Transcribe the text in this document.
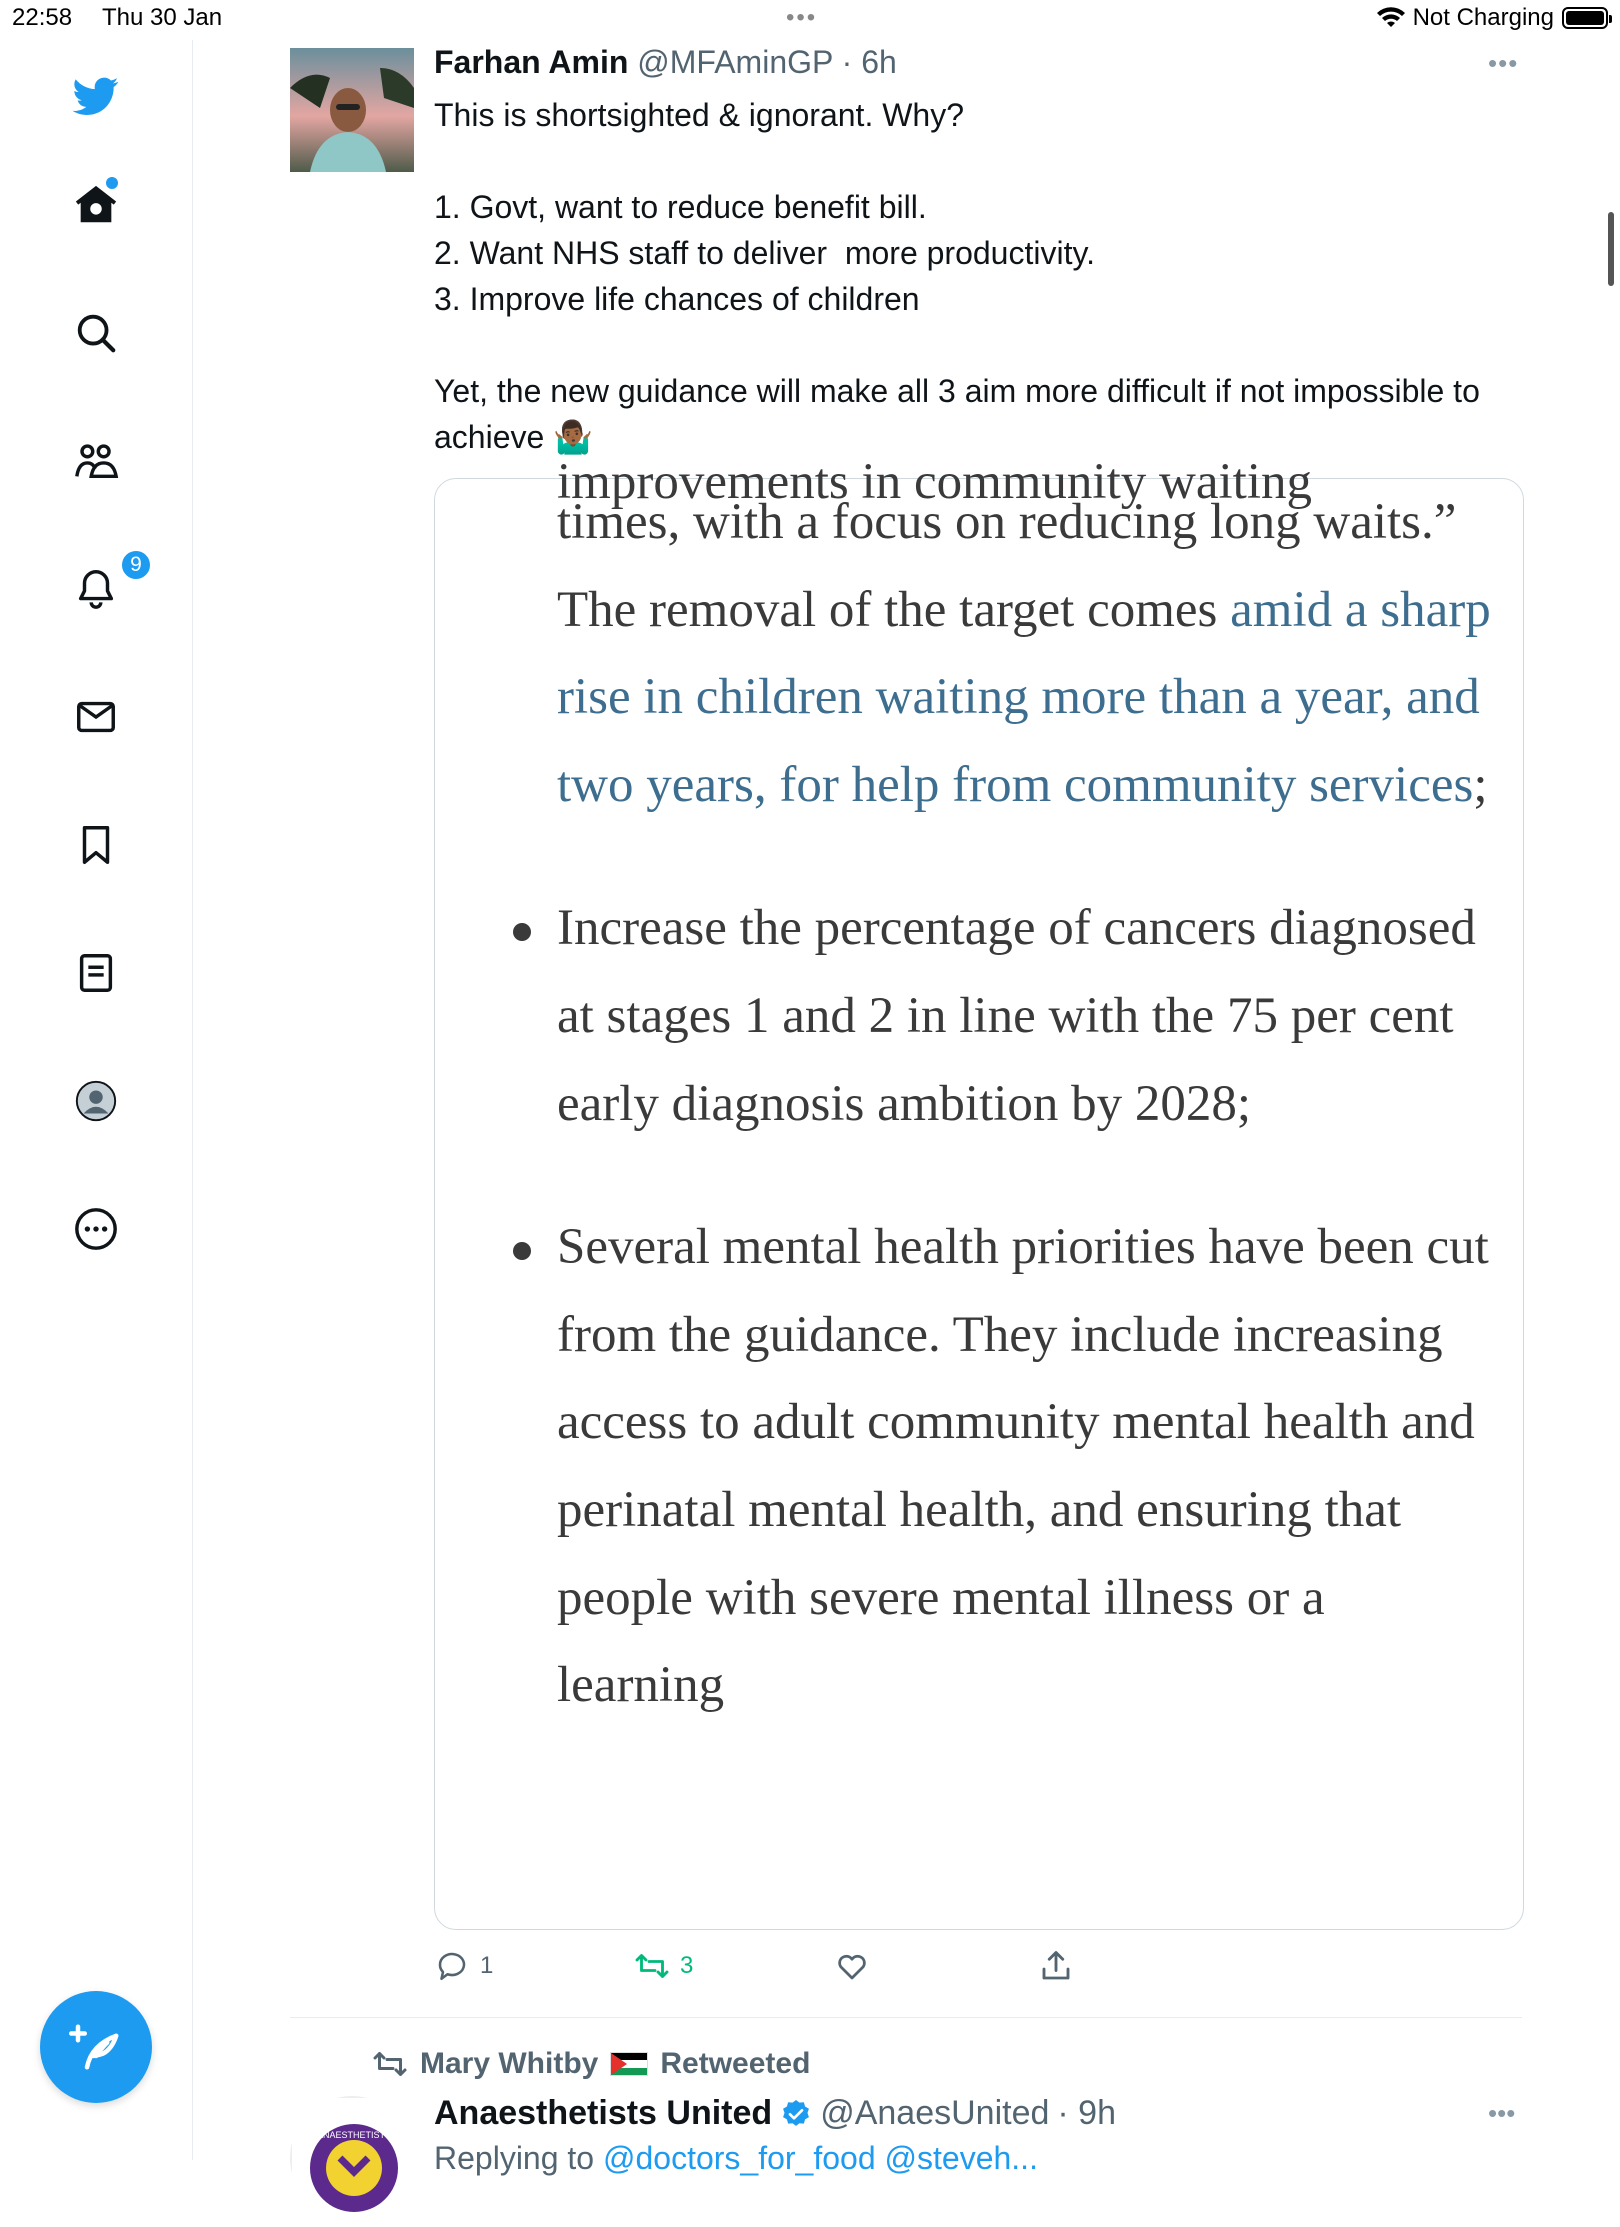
22:58 Thu 30 Jan	•••	Not Charging
9
Farhan Amin @MFAminGP · 6h	•••
This is shortsighted & ignorant. Why?

1. Govt, want to reduce benefit bill.
2. Want NHS staff to deliver  more productivity.
3. Improve life chances of children

Yet, the new guidance will make all 3 aim more difficult if not impossible to achieve 🤷🏾‍♂️
improvements in community waiting
times, with a focus on reducing long waits.” The removal of the target comes amid a sharp rise in children waiting more than a year, and two years, for help from community services;
Increase the percentage of cancers diagnosed at stages 1 and 2 in line with the 75 per cent early diagnosis ambition by 2028;
Several mental health priorities have been cut from the guidance. They include increasing access to adult community mental health and perinatal mental health, and ensuring that people with severe mental illness or a learning
1	3
Mary Whitby Retweeted
ANAESTHETISTS
Anaesthetists United @AnaesUnited · 9h	•••
Replying to @doctors_for_food @steveh...
